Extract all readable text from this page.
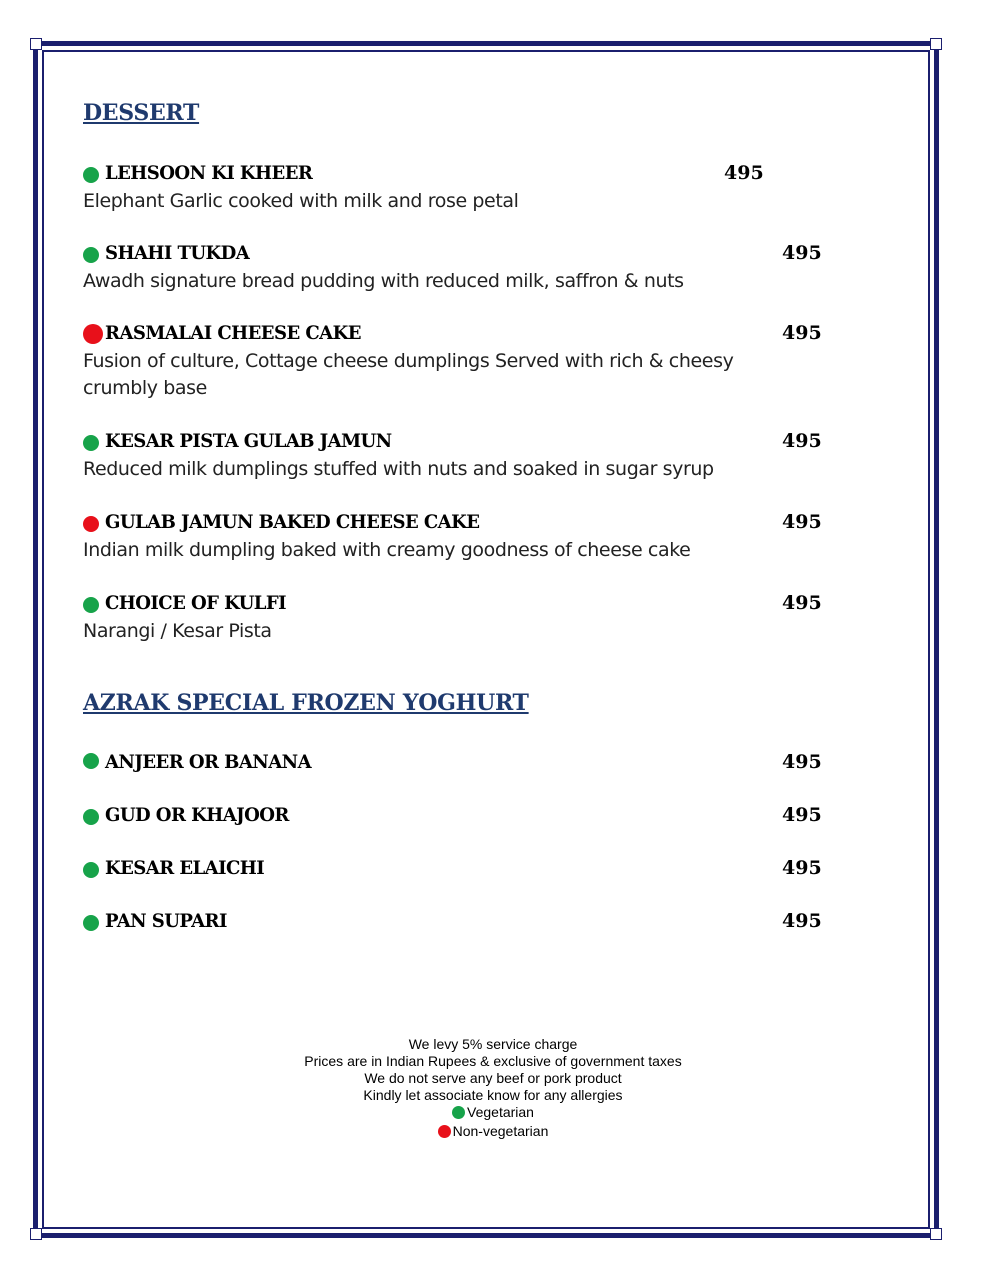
DESSERT
LEHSOON KI KHEER	495
Elephant Garlic cooked with milk and rose petal
SHAHI TUKDA	495
Awadh signature bread pudding with reduced milk, saffron & nuts
RASMALAI CHEESE CAKE	495
Fusion of culture, Cottage cheese dumplings Served with rich & cheesy crumbly base
KESAR PISTA GULAB JAMUN	495
Reduced milk dumplings stuffed with nuts and soaked in sugar syrup
GULAB JAMUN BAKED CHEESE CAKE	495
Indian milk dumpling baked with creamy goodness of cheese cake
CHOICE OF KULFI	495
Narangi / Kesar Pista
AZRAK SPECIAL FROZEN YOGHURT
ANJEER OR BANANA	495
GUD OR KHAJOOR	495
KESAR ELAICHI	495
PAN SUPARI	495
We levy 5% service charge
Prices are in Indian Rupees & exclusive of government taxes
We do not serve any beef or pork product
Kindly let associate know for any allergies
Vegetarian
Non-vegetarian
